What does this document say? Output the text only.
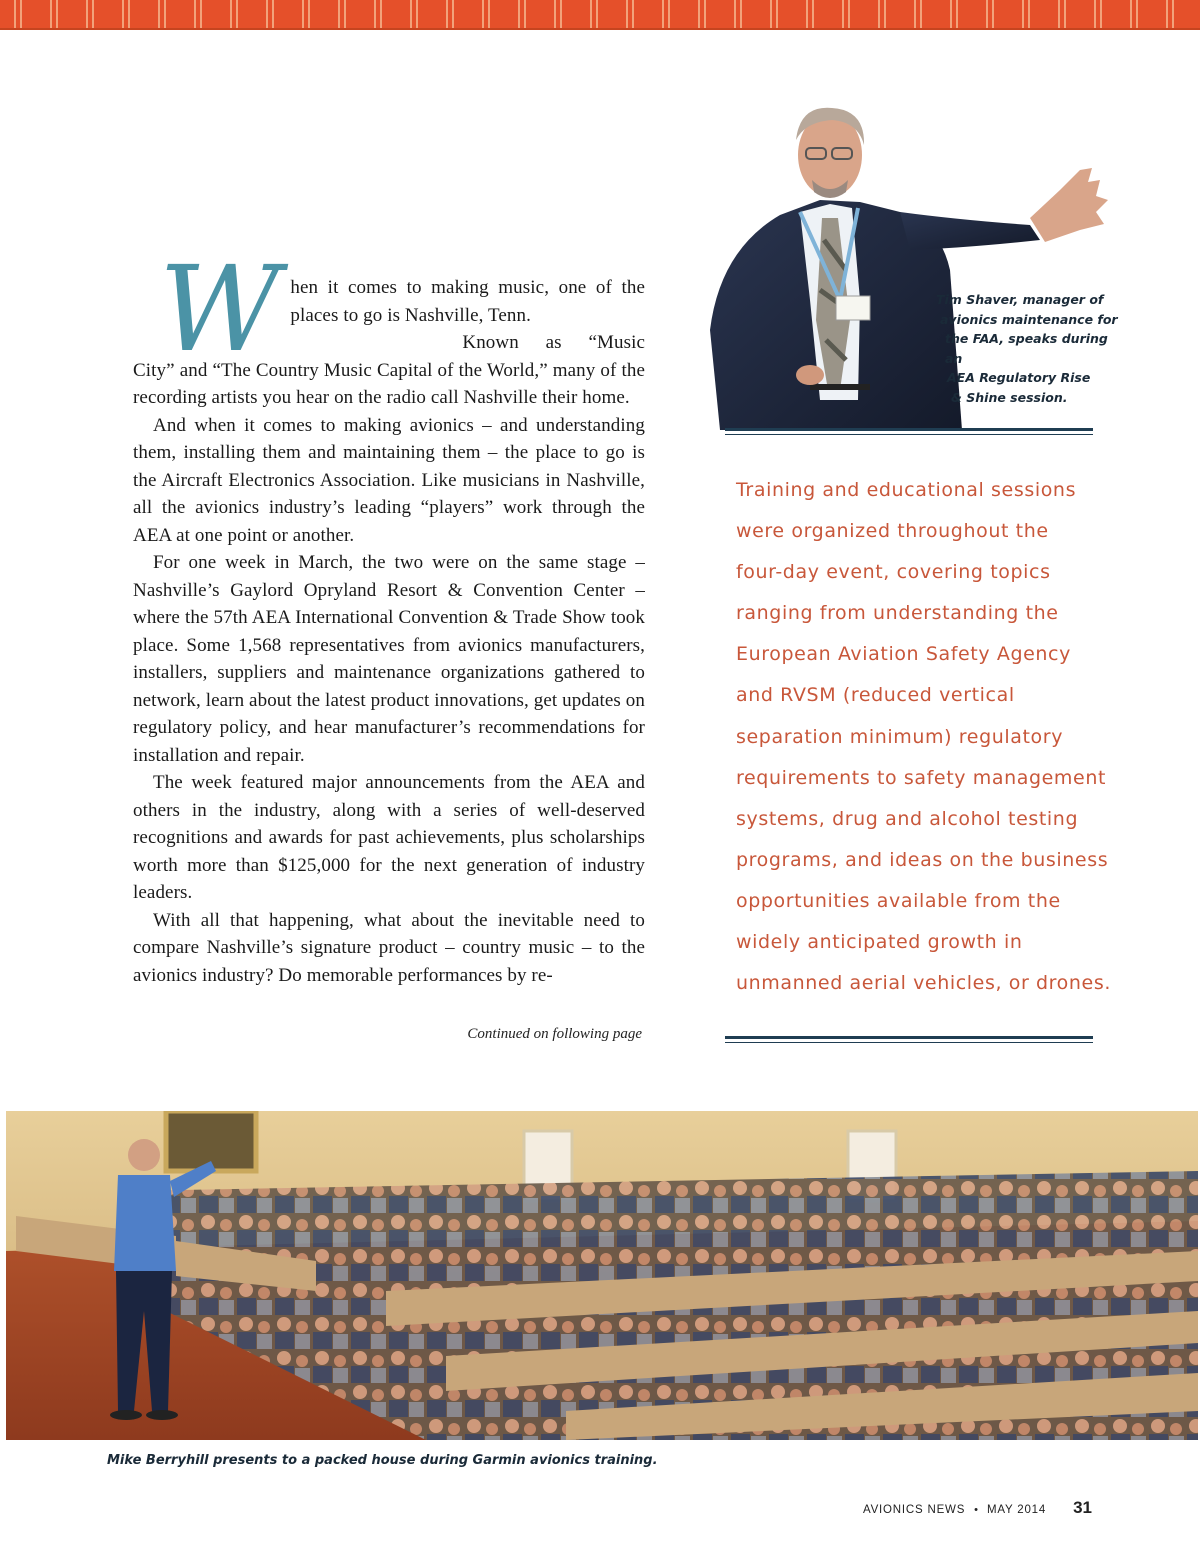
When it comes to making music, one of the places to go is Nashville, Tenn.

Known as “Music City” and “The Country Music Capital of the World,” many of the recording artists you hear on the radio call Nashville their home.

And when it comes to making avionics – and understanding them, installing them and maintaining them – the place to go is the Aircraft Electronics Association. Like musicians in Nashville, all the avionics industry’s leading “players” work through the AEA at one point or another.

For one week in March, the two were on the same stage – Nashville’s Gaylord Opryland Resort & Convention Center – where the 57th AEA International Convention & Trade Show took place. Some 1,568 representatives from avionics manufacturers, installers, suppliers and maintenance organizations gathered to network, learn about the latest product innovations, get updates on regulatory policy, and hear manufacturer’s recommendations for installation and repair.

The week featured major announcements from the AEA and others in the industry, along with a series of well-deserved recognitions and awards for past achievements, plus scholarships worth more than $125,000 for the next generation of industry leaders.

With all that happening, what about the inevitable need to compare Nashville’s signature product – country music – to the avionics industry? Do memorable performances by re-

Continued on following page
Tim Shaver, manager of
avionics maintenance for
the FAA, speaks during an
AEA Regulatory Rise
& Shine session.
Training and educational sessions
were organized throughout the
four-day event, covering topics
ranging from understanding the
European Aviation Safety Agency
and RVSM (reduced vertical
separation minimum) regulatory
requirements to safety management
systems, drug and alcohol testing
programs, and ideas on the business
opportunities available from the
widely anticipated growth in
unmanned aerial vehicles, or drones.
Mike Berryhill presents to a packed house during Garmin avionics training.
AVIONICS NEWS • MAY 2014 31
